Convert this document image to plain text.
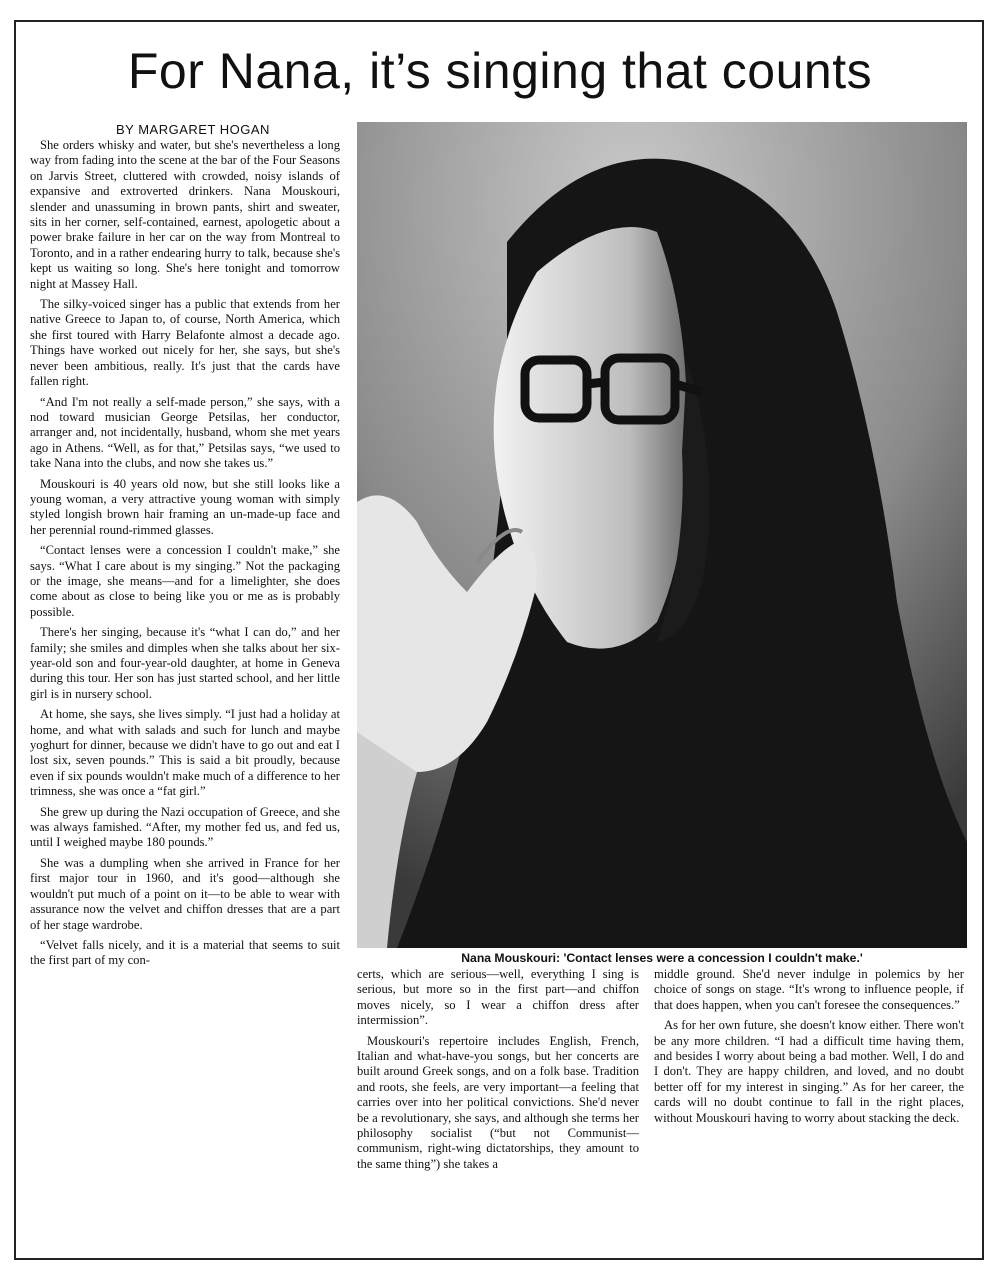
For Nana, it’s singing that counts
BY MARGARET HOGAN

She orders whisky and water, but she's nevertheless a long way from fading into the scene at the bar of the Four Seasons on Jarvis Street, cluttered with crowded, noisy islands of expansive and extroverted drinkers. Nana Mouskouri, slender and unassuming in brown pants, shirt and sweater, sits in her corner, self-contained, earnest, apologetic about a power brake failure in her car on the way from Montreal to Toronto, and in a rather endearing hurry to talk, because she's kept us waiting so long. She's here tonight and tomorrow night at Massey Hall.

The silky-voiced singer has a public that extends from her native Greece to Japan to, of course, North America, which she first toured with Harry Belafonte almost a decade ago. Things have worked out nicely for her, she says, but she's never been ambitious, really. It's just that the cards have fallen right.

“And I'm not really a self-made person,” she says, with a nod toward musician George Petsilas, her conductor, arranger and, not incidentally, husband, whom she met years ago in Athens. “Well, as for that,” Petsilas says, “we used to take Nana into the clubs, and now she takes us.”

Mouskouri is 40 years old now, but she still looks like a young woman, a very attractive young woman with simply styled longish brown hair framing an un-made-up face and her perennial round-rimmed glasses.

“Contact lenses were a concession I couldn't make,” she says. “What I care about is my singing.” Not the packaging or the image, she means—and for a limelighter, she does come about as close to being like you or me as is probably possible.

There's her singing, because it's “what I can do,” and her family; she smiles and dimples when she talks about her six-year-old son and four-year-old daughter, at home in Geneva during this tour. Her son has just started school, and her little girl is in nursery school.

At home, she says, she lives simply. “I just had a holiday at home, and what with salads and such for lunch and maybe yoghurt for dinner, because we didn't have to go out and eat I lost six, seven pounds.” This is said a bit proudly, because even if six pounds wouldn't make much of a difference to her trimness, she was once a “fat girl.”

She grew up during the Nazi occupation of Greece, and she was always famished. “After, my mother fed us, and fed us, until I weighed maybe 180 pounds.”

She was a dumpling when she arrived in France for her first major tour in 1960, and it's good—although she wouldn't put much of a point on it—to be able to wear with assurance now the velvet and chiffon dresses that are a part of her stage wardrobe.

“Velvet falls nicely, and it is a material that seems to suit the first part of my con-	Nana Mouskouri: 'Contact lenses were a concession I couldn't make.'

certs, which are serious—well, everything I sing is serious, but more so in the first part—and chiffon moves nicely, so I wear a chiffon dress after intermission”.

Mouskouri's repertoire includes English, French, Italian and what-have-you songs, but her concerts are built around Greek songs, and on a folk base. Tradition and roots, she feels, are very important—a feeling that carries over into her political convictions. She'd never be a revolutionary, she says, and although she terms her philosophy socialist (“but not Communist—communism, right-wing dictatorships, they amount to the same thing”) she takes a

middle ground. She'd never indulge in polemics by her choice of songs on stage. “It's wrong to influence people, if that does happen, when you can't foresee the consequences.”

As for her own future, she doesn't know either. There won't be any more children. “I had a difficult time having them, and besides I worry about being a bad mother. Well, I do and I don't. They are happy children, and loved, and no doubt better off for my interest in singing.” As for her career, the cards will no doubt continue to fall in the right places, without Mouskouri having to worry about stacking the deck.
